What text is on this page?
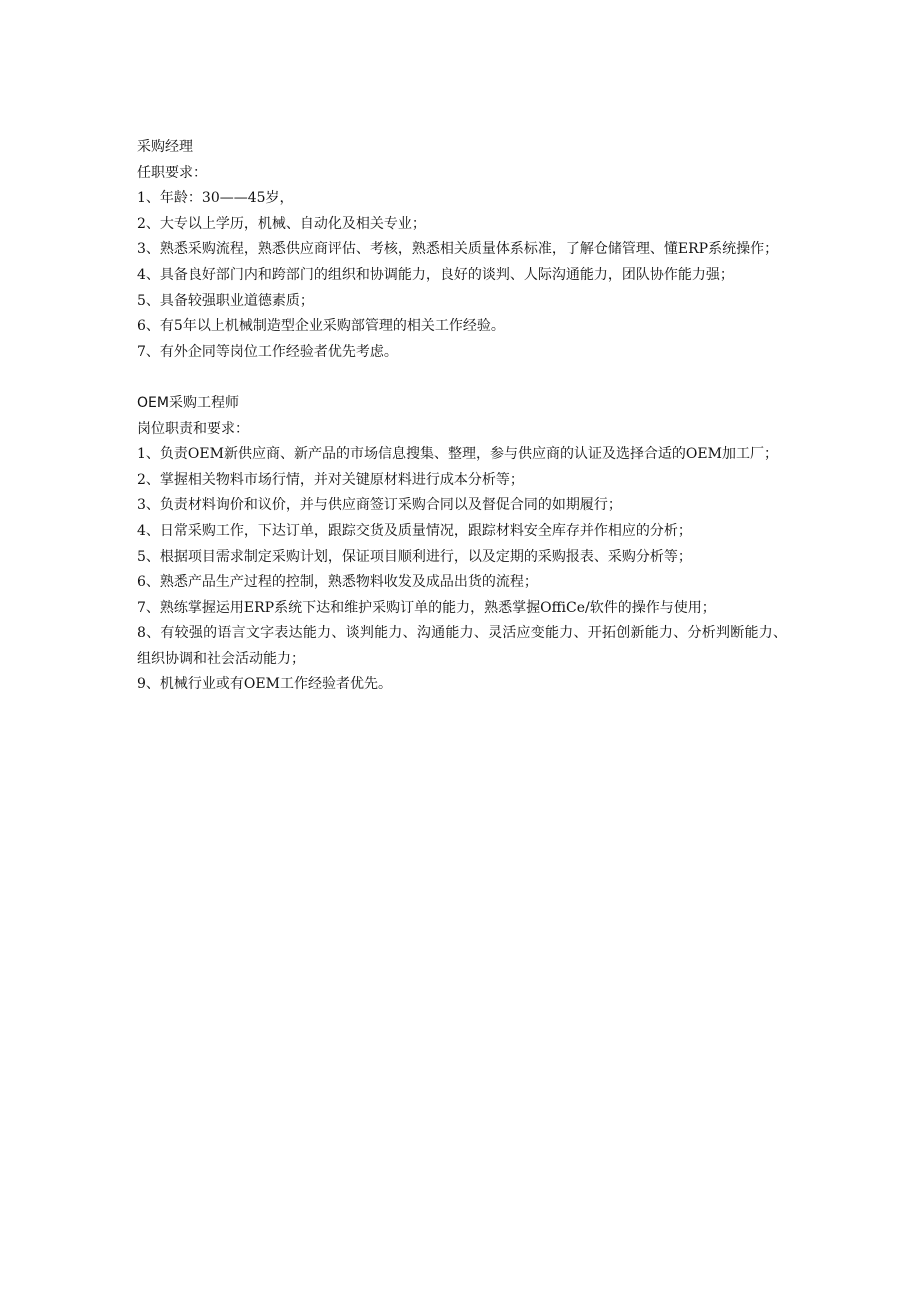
采购经理
任职要求：
1、年龄：30——45岁，
2、大专以上学历，机械、自动化及相关专业；
3、熟悉采购流程，熟悉供应商评估、考核，熟悉相关质量体系标准，了解仓储管理、懂ERP系统操作；
4、具备良好部门内和跨部门的组织和协调能力，良好的谈判、人际沟通能力，团队协作能力强；
5、具备较强职业道德素质；
6、有5年以上机械制造型企业采购部管理的相关工作经验。
7、有外企同等岗位工作经验者优先考虑。
OEM采购工程师
岗位职责和要求：
1、负责OEM新供应商、新产品的市场信息搜集、整理，参与供应商的认证及选择合适的OEM加工厂；
2、掌握相关物料市场行情，并对关键原材料进行成本分析等；
3、负责材料询价和议价，并与供应商签订采购合同以及督促合同的如期履行；
4、日常采购工作，下达订单，跟踪交货及质量情况，跟踪材料安全库存并作相应的分析；
5、根据项目需求制定采购计划，保证项目顺利进行，以及定期的采购报表、采购分析等；
6、熟悉产品生产过程的控制，熟悉物料收发及成品出货的流程；
7、熟练掌握运用ERP系统下达和维护采购订单的能力，熟悉掌握OffiCe/软件的操作与使用；
8、有较强的语言文字表达能力、谈判能力、沟通能力、灵活应变能力、开拓创新能力、分析判断能力、组织协调和社会活动能力；
9、机械行业或有OEM工作经验者优先。
